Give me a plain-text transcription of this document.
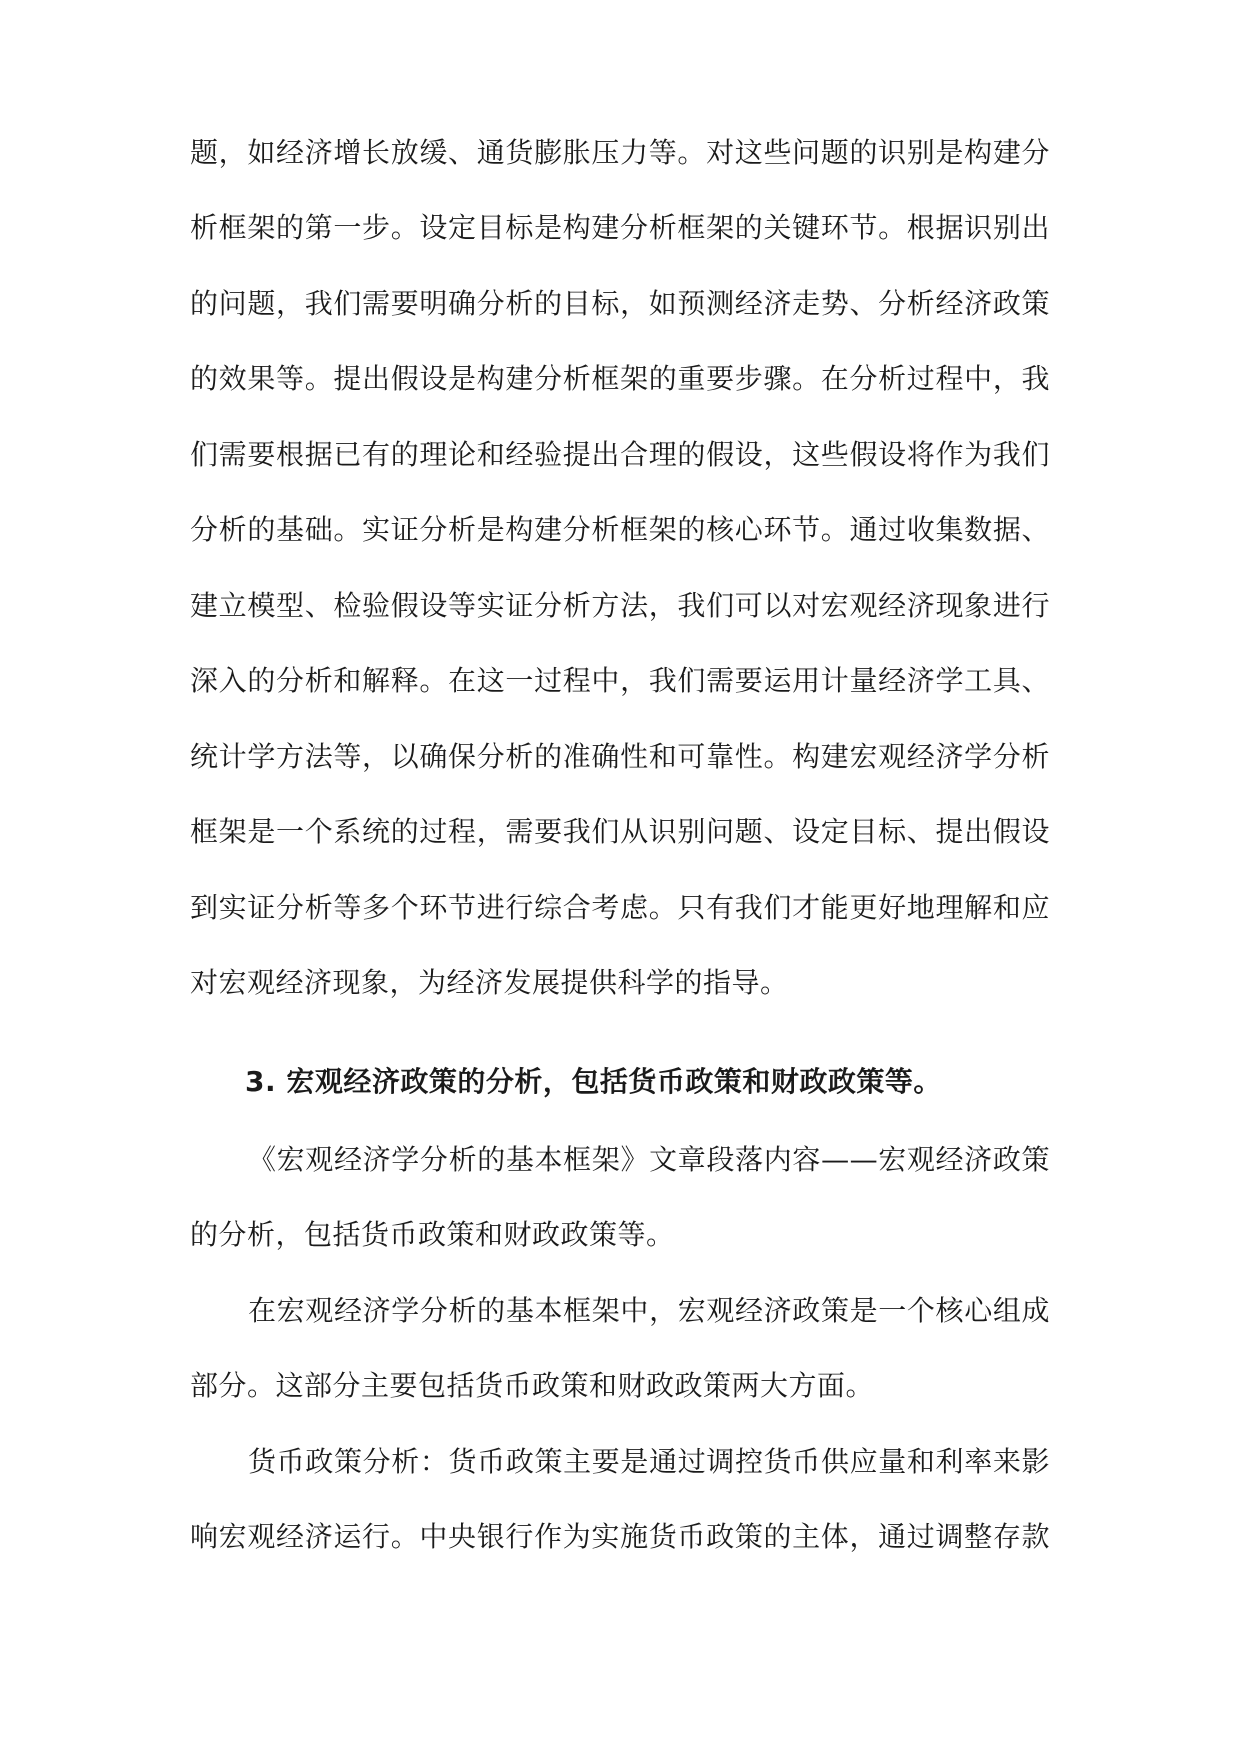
题，如经济增长放缓、通货膨胀压力等。对这些问题的识别是构建分
析框架的第一步。设定目标是构建分析框架的关键环节。根据识别出
的问题，我们需要明确分析的目标，如预测经济走势、分析经济政策
的效果等。提出假设是构建分析框架的重要步骤。在分析过程中，我
们需要根据已有的理论和经验提出合理的假设，这些假设将作为我们
分析的基础。实证分析是构建分析框架的核心环节。通过收集数据、
建立模型、检验假设等实证分析方法，我们可以对宏观经济现象进行
深入的分析和解释。在这一过程中，我们需要运用计量经济学工具、
统计学方法等，以确保分析的准确性和可靠性。构建宏观经济学分析
框架是一个系统的过程，需要我们从识别问题、设定目标、提出假设
到实证分析等多个环节进行综合考虑。只有我们才能更好地理解和应
对宏观经济现象，为经济发展提供科学的指导。
3. 宏观经济政策的分析，包括货币政策和财政政策等。
《宏观经济学分析的基本框架》文章段落内容——宏观经济政策
的分析，包括货币政策和财政政策等。
在宏观经济学分析的基本框架中，宏观经济政策是一个核心组成
部分。这部分主要包括货币政策和财政政策两大方面。
货币政策分析：货币政策主要是通过调控货币供应量和利率来影
响宏观经济运行。中央银行作为实施货币政策的主体，通过调整存款
